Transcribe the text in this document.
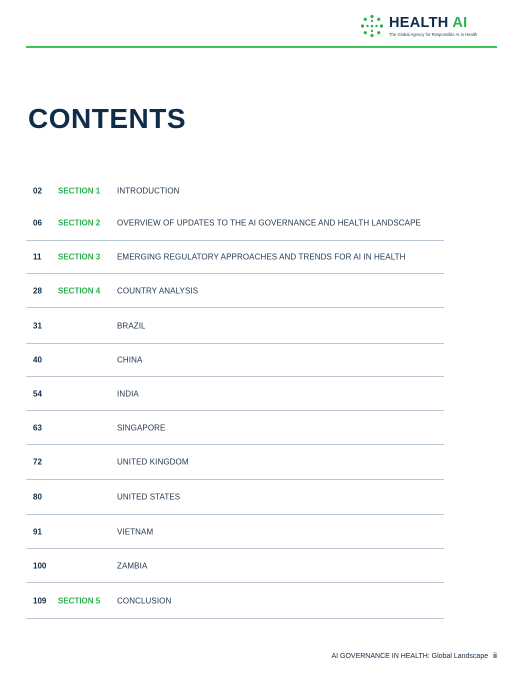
HEALTH AI
The Global Agency for Responsible AI in Health
CONTENTS
02 SECTION 1 INTRODUCTION
06 SECTION 2 OVERVIEW OF UPDATES TO THE AI GOVERNANCE AND HEALTH LANDSCAPE
11 SECTION 3 EMERGING REGULATORY APPROACHES AND TRENDS FOR AI IN HEALTH
28 SECTION 4 COUNTRY ANALYSIS
31	BRAZIL
40	CHINA
54	INDIA
63	SINGAPORE
72	UNITED KINGDOM
80	UNITED STATES
91	VIETNAM
100	ZAMBIA
109 SECTION 5 CONCLUSION
AI GOVERNANCE IN HEALTH: Global Landscape ii
